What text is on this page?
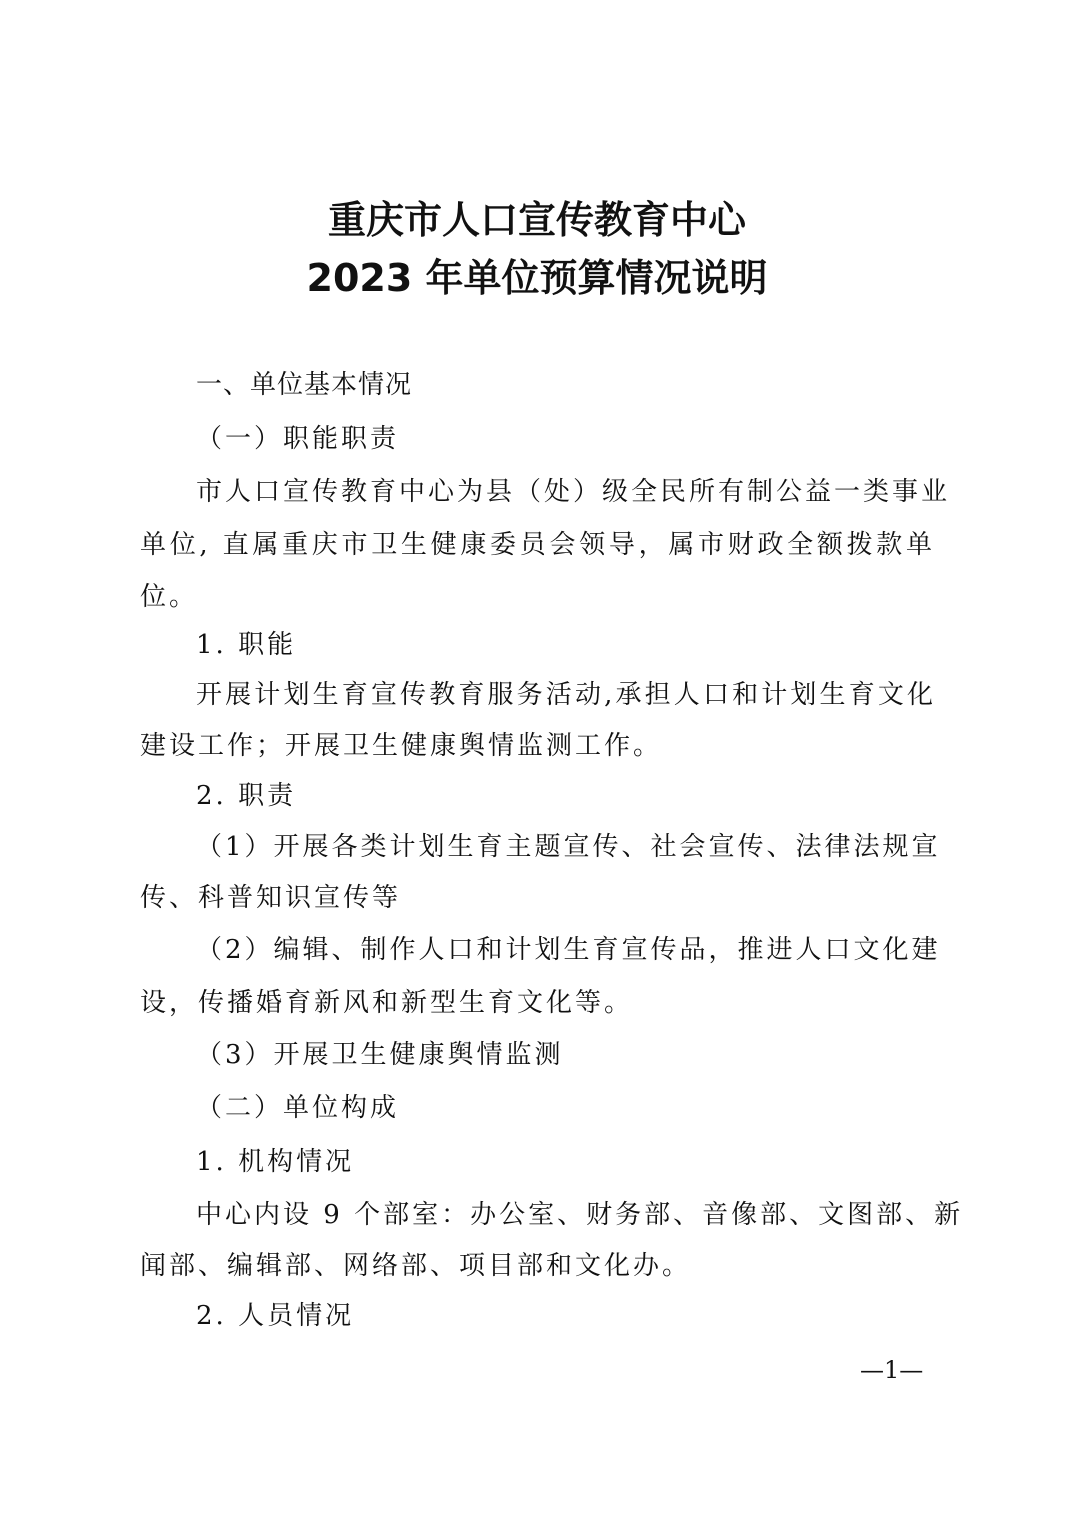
重庆市人口宣传教育中心
2023 年单位预算情况说明
一、单位基本情况
（一）职能职责
市人口宣传教育中心为县（处）级全民所有制公益一类事业
单位, 直属重庆市卫生健康委员会领导，属市财政全额拨款单
位。
1. 职能
开展计划生育宣传教育服务活动,承担人口和计划生育文化
建设工作；开展卫生健康舆情监测工作。
2. 职责
（1）开展各类计划生育主题宣传、社会宣传、法律法规宣
传、科普知识宣传等
（2）编辑、制作人口和计划生育宣传品，推进人口文化建
设，传播婚育新风和新型生育文化等。
（3）开展卫生健康舆情监测
（二）单位构成
1. 机构情况
中心内设 9 个部室：办公室、财务部、音像部、文图部、新
闻部、编辑部、网络部、项目部和文化办。
2. 人员情况
—1—
